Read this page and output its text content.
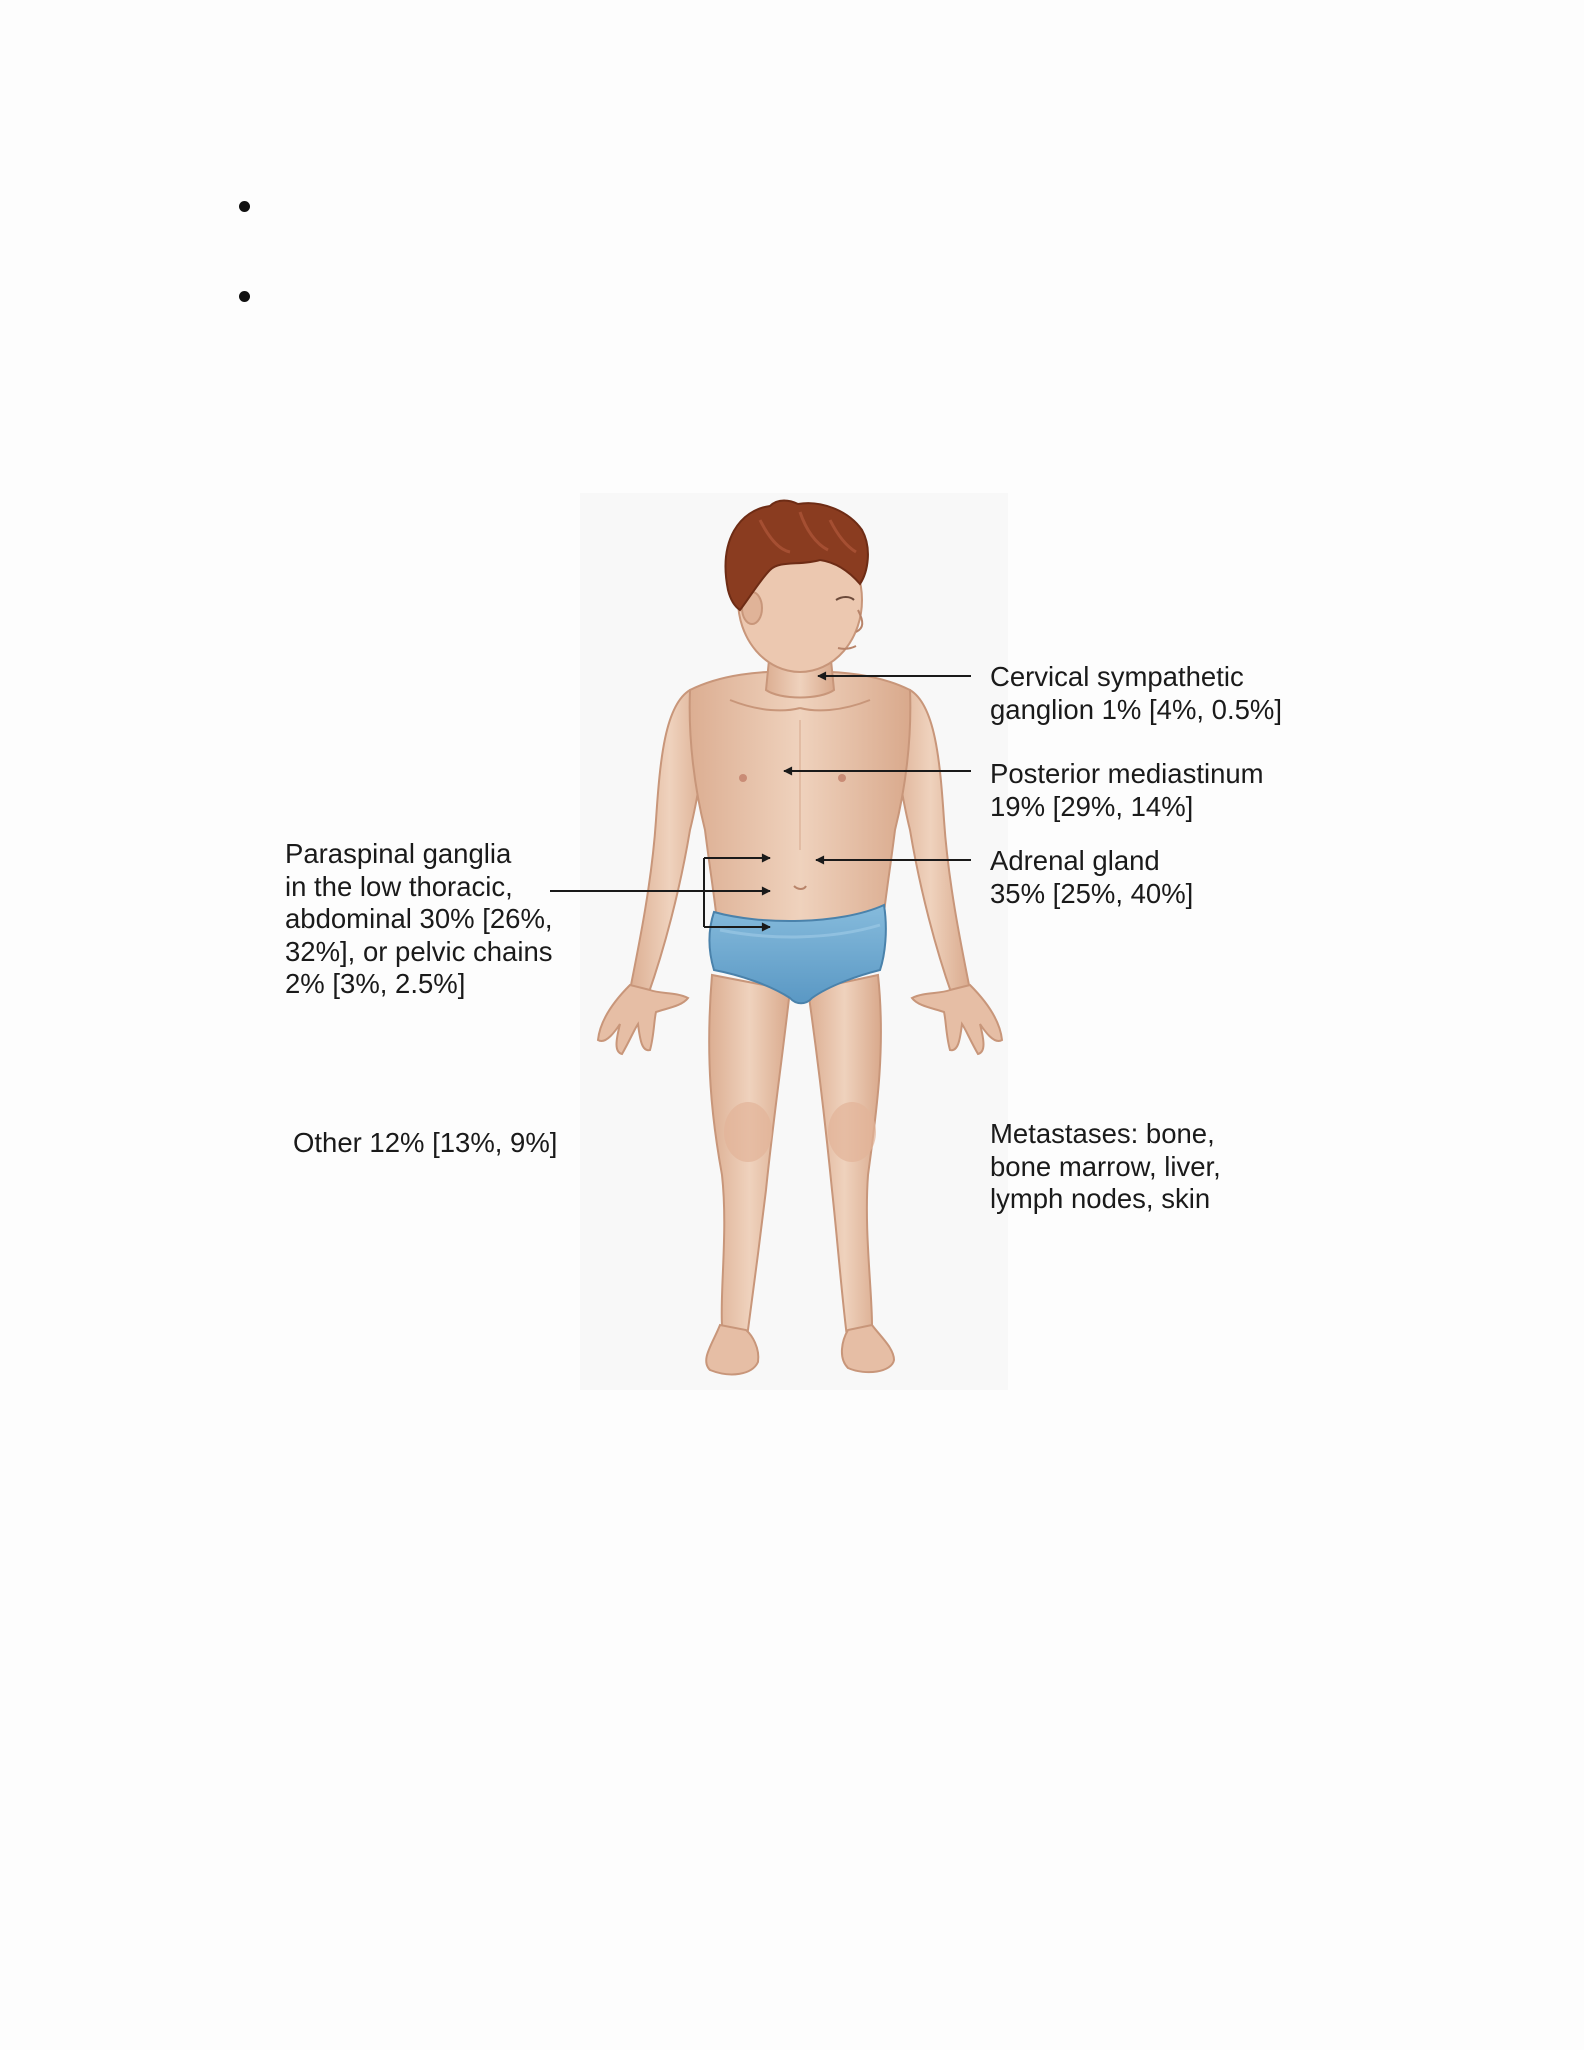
Cervical sympathetic
ganglion 1% [4%, 0.5%]
Posterior mediastinum
19% [29%, 14%]
Adrenal gland
35% [25%, 40%]
Paraspinal ganglia
in the low thoracic,
abdominal 30% [26%,
32%], or pelvic chains
2% [3%, 2.5%]
Other 12% [13%, 9%]	Metastases: bone,
bone marrow, liver,
lymph nodes, skin
